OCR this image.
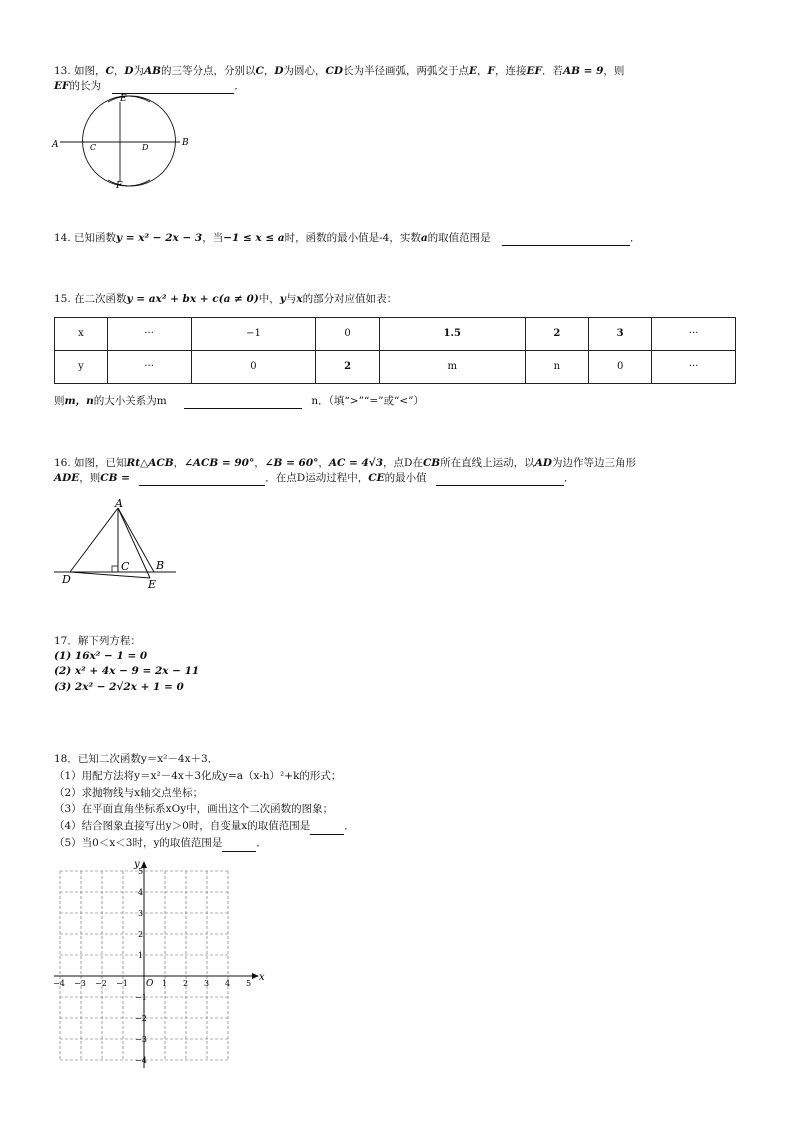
13. 如图，C，D为AB的三等分点，分别以C，D为圆心，CD长为半径画弧，两弧交于点E，F，连接EF．若AB = 9，则
EF的长为	．
A	B
C	D
E
F
14. 已知函数y = x² − 2x − 3，当−1 ≤ x ≤ a时，函数的最小值是-4，实数a的取值范围是	．
15. 在二次函数y = ax² + bx + c(a ≠ 0)中，y与x的部分对应值如表：
x	···	−1	0	1.5	2	3	···
y	···	0	2	m	n	0	···
则m，n的大小关系为m	n．（填“>”“=”或“<”）
16. 如图，已知Rt△ACB，∠ACB = 90°，∠B = 60°，AC = 4√3，点D在CB所在直线上运动，以AD为边作等边三角形
ADE，则CB =	．在点D运动过程中，CE的最小值	．
A
B
C
D	E
17．解下列方程：
(1) 16x² − 1 = 0
(2) x² + 4x − 9 = 2x − 11
(3) 2x² − 2√2x + 1 = 0
18．已知二次函数y＝x²－4x＋3．
（1）用配方法将y＝x²－4x＋3化成y=a（x-h）²+k的形式；
（2）求抛物线与x轴交点坐标；
（3）在平面直角坐标系xOy中，画出这个二次函数的图象；
（4）结合图象直接写出y＞0时，自变量x的取值范围是	．
（5）当0＜x＜3时，y的取值范围是	．
−4 −3 −2 −1	1 2 3 4 5
5
4
3
2
1
−1
−2
−3
−4
O
x
y
